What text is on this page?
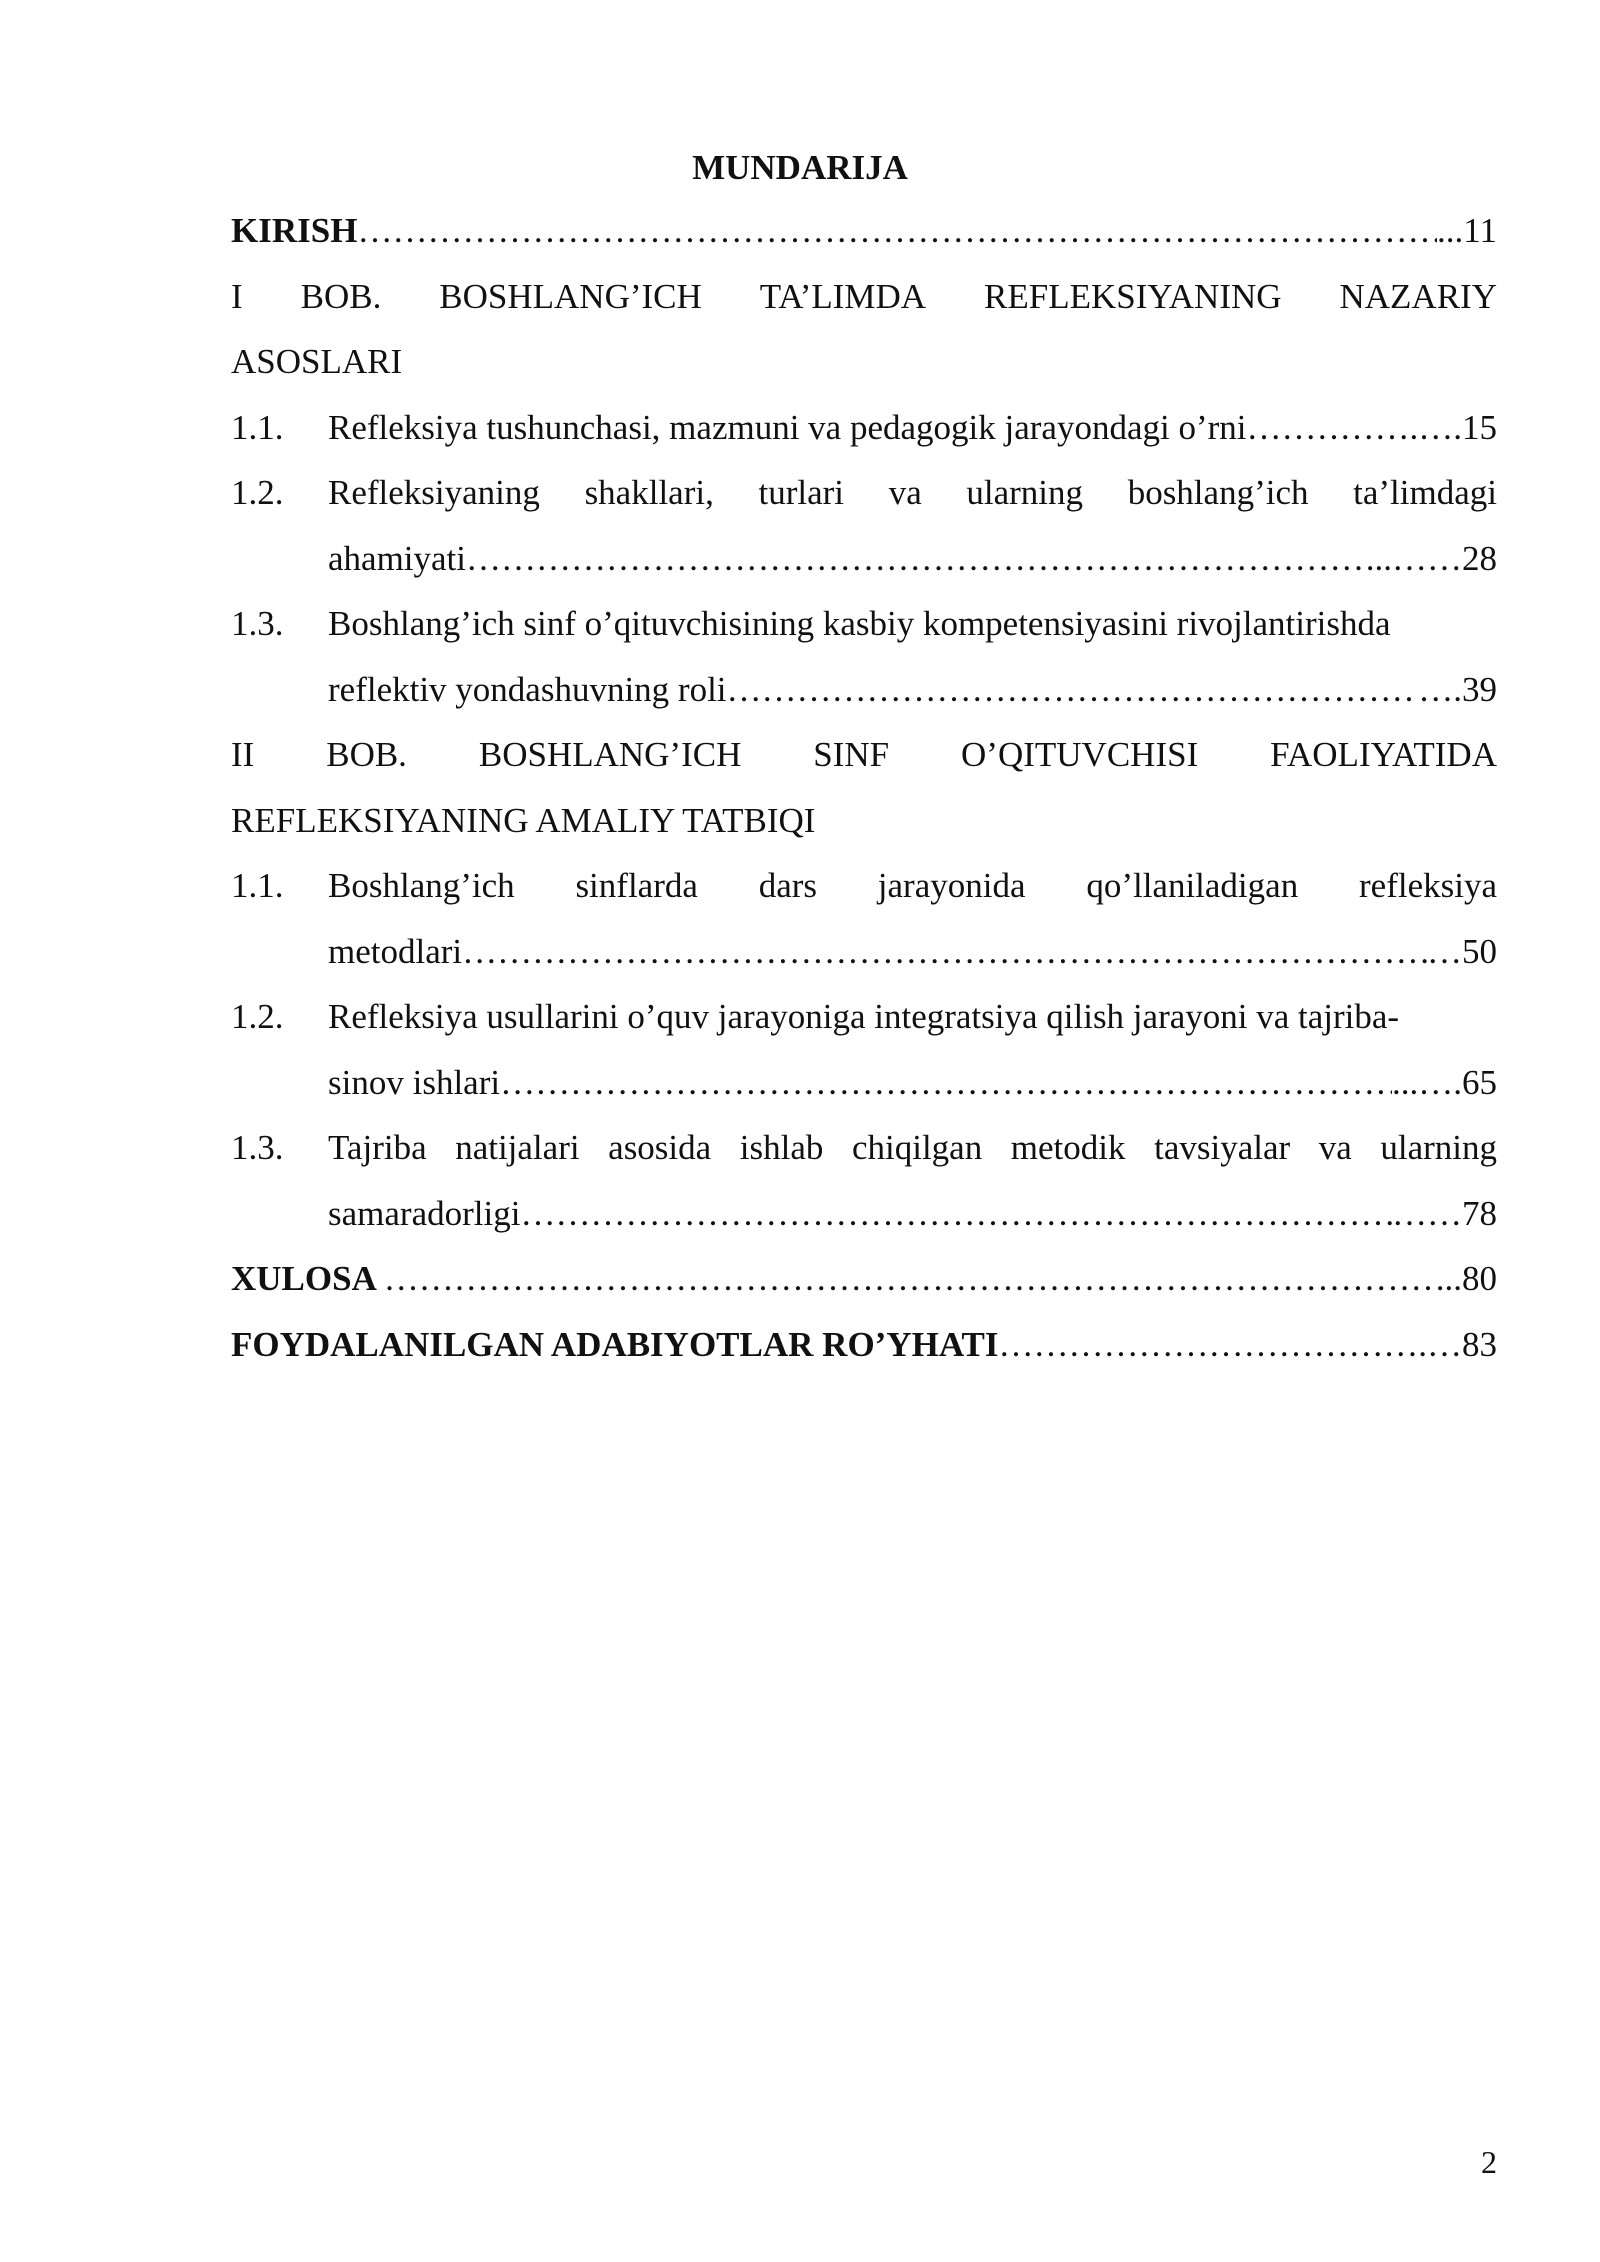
MUNDARIJA
KIRISH …………………………………………………………………………………………………………………………………………………………………………………………	...11
I BOB. BOSHLANG’ICH TA’LIMDA REFLEKSIYANING NAZARIY
ASOSLARI
1.1.	Refleksiya tushunchasi, mazmuni va pedagogik jarayondagi o’rni …………………………………………………………………………………………………………………………………………………………………………………………	…….….15
1.2.	Refleksiyaning shakllari, turlari va ularning boshlang’ich ta’limdagi
ahamiyati …………………………………………………………………………………………………………………………………………………………………………………………	...……28
1.3.	Boshlang’ich sinf o’qituvchisining kasbiy kompetensiyasini rivojlantirishda
reflektiv yondashuvning roli …………………………………………………………………………………………………………………………………………………………………………………………	….39
II BOB. BOSHLANG’ICH SINF O’QITUVCHISI FAOLIYATIDA
REFLEKSIYANING AMALIY TATBIQI
1.1.	Boshlang’ich sinflarda dars jarayonida qo’llaniladigan refleksiya
metodlari …………………………………………………………………………………………………………………………………………………………………………………………	…50
1.2.	Refleksiya usullarini o’quv jarayoniga integratsiya qilish jarayoni va tajriba-
sinov ishlari …………………………………………………………………………………………………………………………………………………………………………………………	...….65
1.3.	Tajriba natijalari asosida ishlab chiqilgan metodik tavsiyalar va ularning
samaradorligi …………………………………………………………………………………………………………………………………………………………………………………………	……78
XULOSA …………………………………………………………………………………………………………………………………………………………………………………………	...80
FOYDALANILGAN ADABIYOTLAR RO’YHATI …………………………………………………………………………………………………………………………………………………………………………………………	….…83
2
